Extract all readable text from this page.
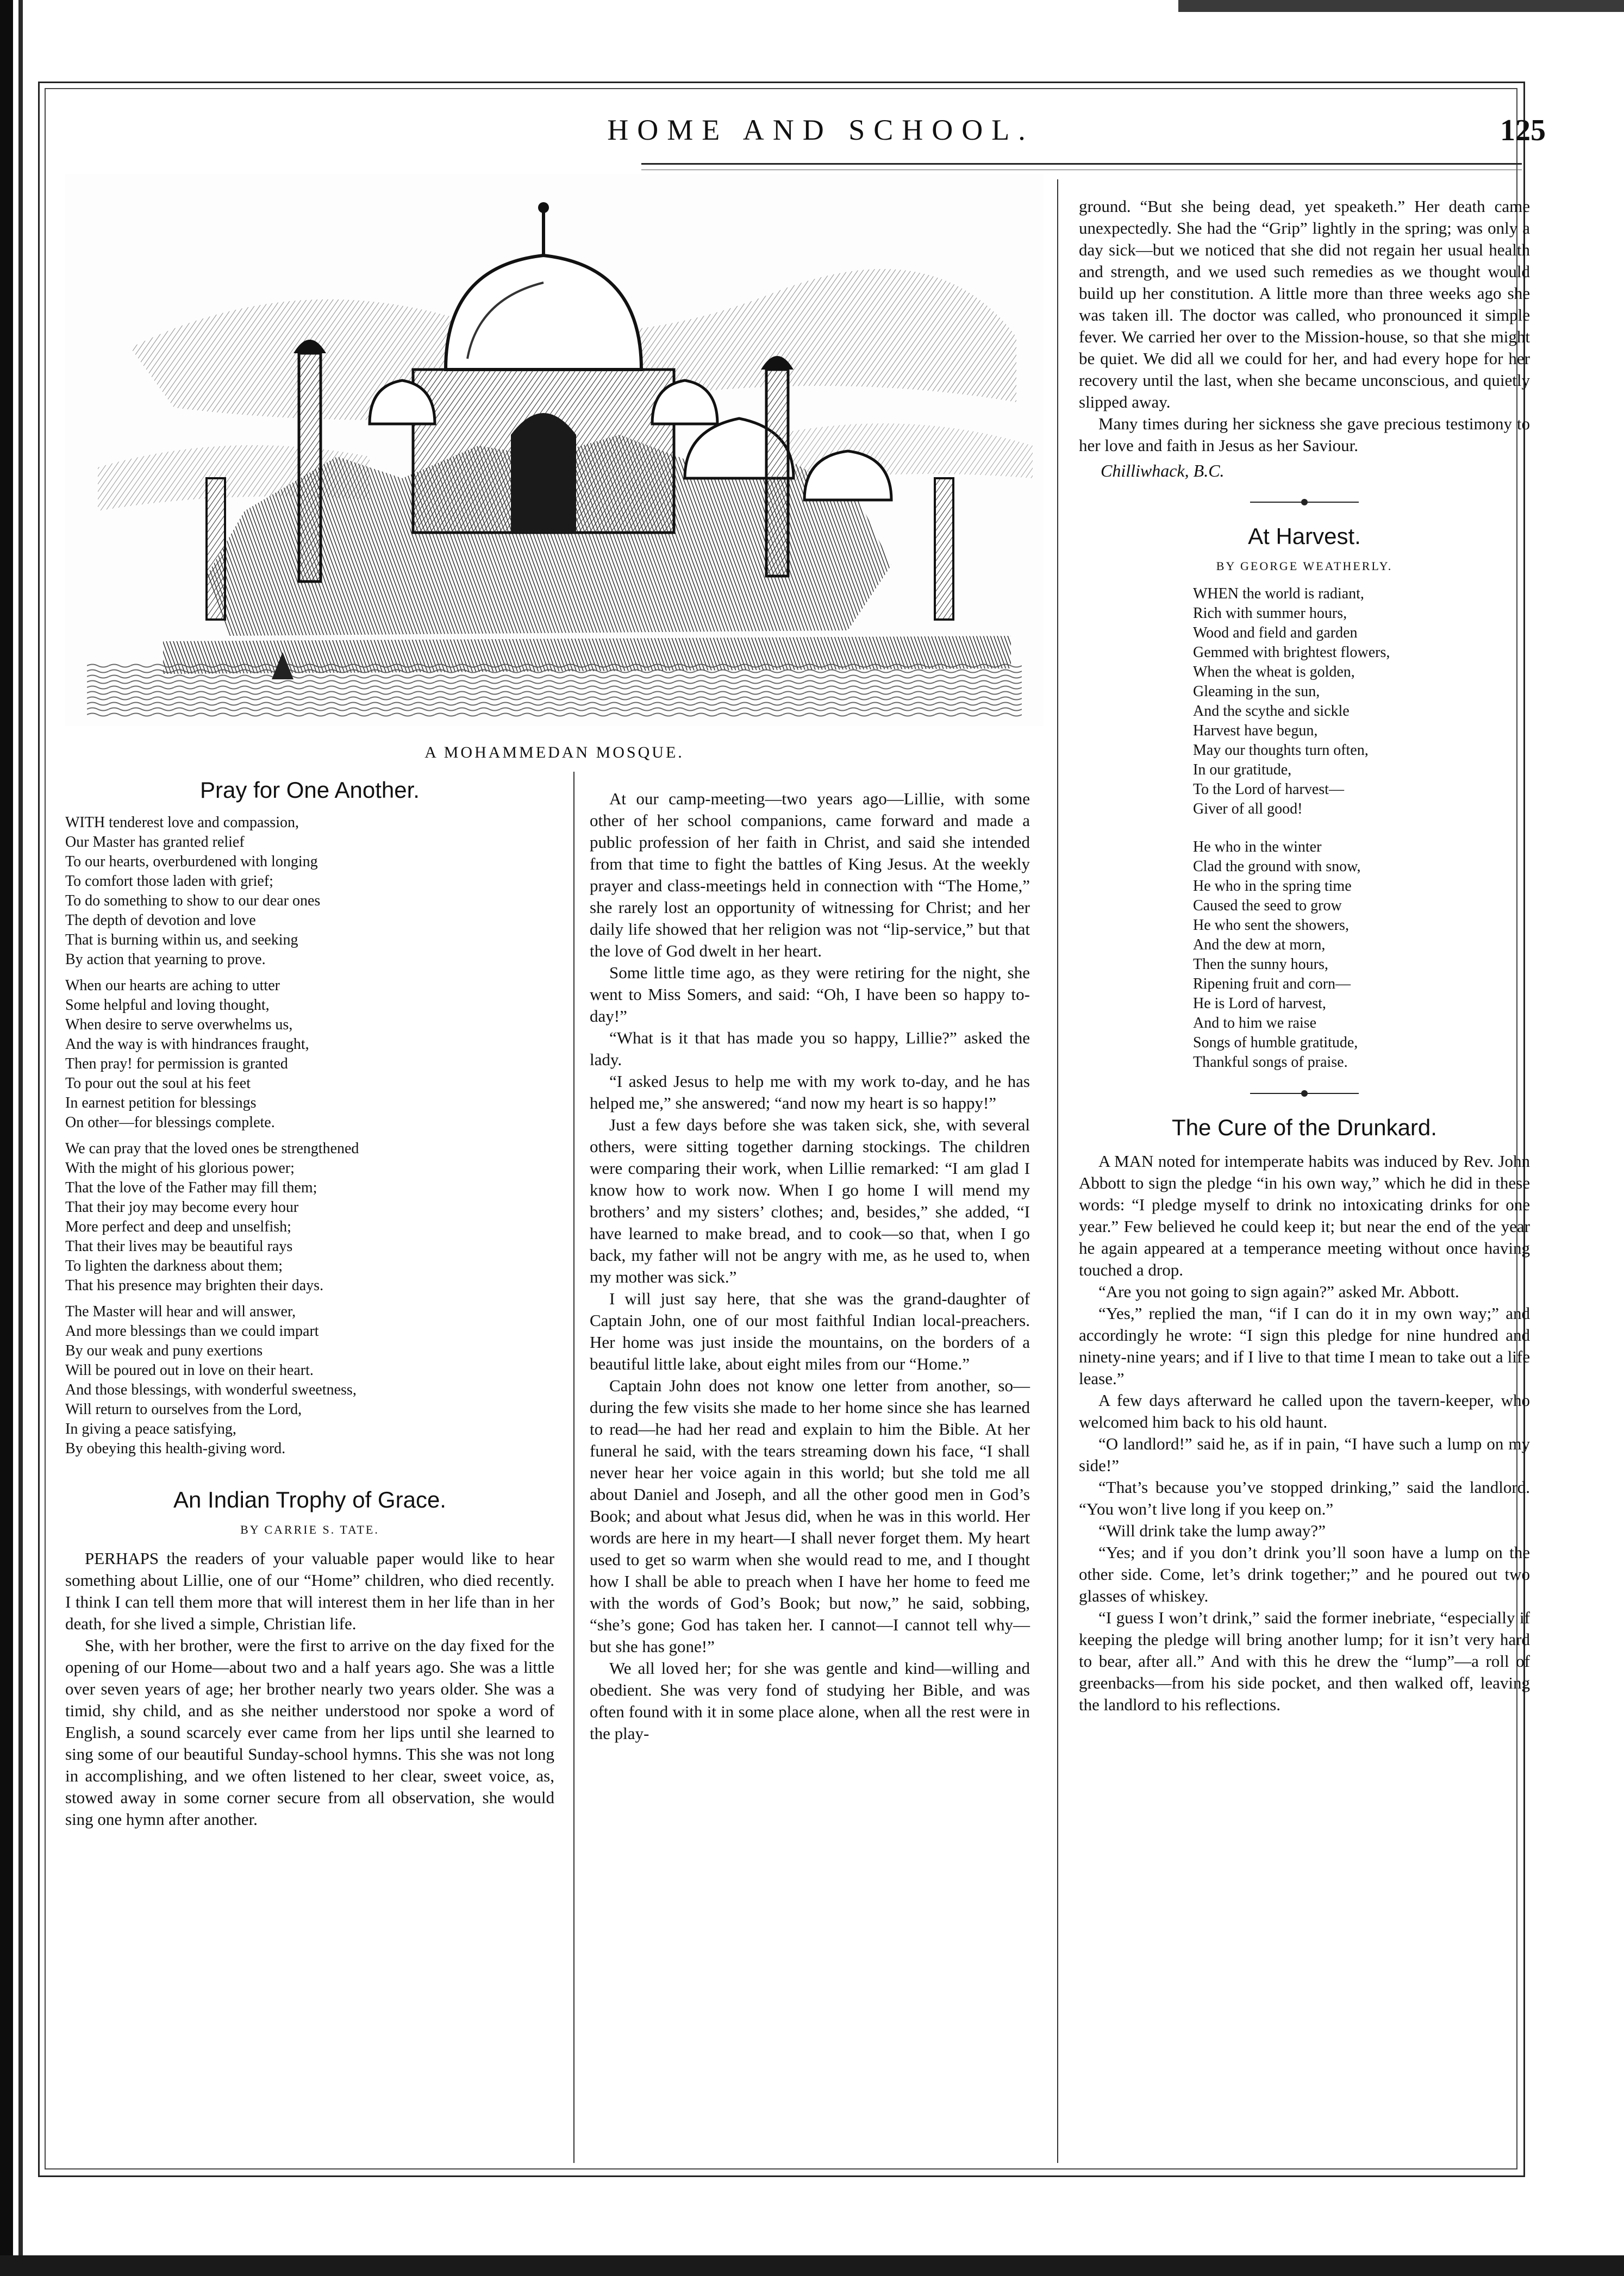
HOME AND SCHOOL.	125
A MOHAMMEDAN MOSQUE.
Pray for One Another.
WITH tenderest love and compassion,
Our Master has granted relief
To our hearts, overburdened with longing
To comfort those laden with grief;
To do something to show to our dear ones
The depth of devotion and love
That is burning within us, and seeking
By action that yearning to prove.
When our hearts are aching to utter
Some helpful and loving thought,
When desire to serve overwhelms us,
And the way is with hindrances fraught,
Then pray! for permission is granted
To pour out the soul at his feet
In earnest petition for blessings
On other—for blessings complete.
We can pray that the loved ones be strengthened
With the might of his glorious power;
That the love of the Father may fill them;
That their joy may become every hour
More perfect and deep and unselfish;
That their lives may be beautiful rays
To lighten the darkness about them;
That his presence may brighten their days.
The Master will hear and will answer,
And more blessings than we could impart
By our weak and puny exertions
Will be poured out in love on their heart.
And those blessings, with wonderful sweetness,
Will return to ourselves from the Lord,
In giving a peace satisfying,
By obeying this health-giving word.
An Indian Trophy of Grace.
BY CARRIE S. TATE.

PERHAPS the readers of your valuable paper would like to hear something about Lillie, one of our “Home” children, who died recently. I think I can tell them more that will interest them in her life than in her death, for she lived a simple, Christian life.

She, with her brother, were the first to arrive on the day fixed for the opening of our Home—about two and a half years ago. She was a little over seven years of age; her brother nearly two years older. She was a timid, shy child, and as she neither understood nor spoke a word of English, a sound scarcely ever came from her lips until she learned to sing some of our beautiful Sunday-school hymns. This she was not long in accomplishing, and we often listened to her clear, sweet voice, as, stowed away in some corner secure from all observation, she would sing one hymn after another.

At our camp-meeting—two years ago—Lillie, with some other of her school companions, came forward and made a public profession of her faith in Christ, and said she intended from that time to fight the battles of King Jesus. At the weekly prayer and class-meetings held in connection with “The Home,” she rarely lost an opportunity of witnessing for Christ; and her daily life showed that her religion was not “lip-service,” but that the love of God dwelt in her heart.

Some little time ago, as they were retiring for the night, she went to Miss Somers, and said: “Oh, I have been so happy to-day!”

“What is it that has made you so happy, Lillie?” asked the lady.

“I asked Jesus to help me with my work to-day, and he has helped me,” she answered; “and now my heart is so happy!”

Just a few days before she was taken sick, she, with several others, were sitting together darning stockings. The children were comparing their work, when Lillie remarked: “I am glad I know how to work now. When I go home I will mend my brothers’ and my sisters’ clothes; and, besides,” she added, “I have learned to make bread, and to cook—so that, when I go back, my father will not be angry with me, as he used to, when my mother was sick.”

I will just say here, that she was the grand-daughter of Captain John, one of our most faithful Indian local-preachers. Her home was just inside the mountains, on the borders of a beautiful little lake, about eight miles from our “Home.”

Captain John does not know one letter from another, so—during the few visits she made to her home since she has learned to read—he had her read and explain to him the Bible. At her funeral he said, with the tears streaming down his face, “I shall never hear her voice again in this world; but she told me all about Daniel and Joseph, and all the other good men in God’s Book; and about what Jesus did, when he was in this world. Her words are here in my heart—I shall never forget them. My heart used to get so warm when she would read to me, and I thought how I shall be able to preach when I have her home to feed me with the words of God’s Book; but now,” he said, sobbing, “she’s gone; God has taken her. I cannot—I cannot tell why—but she has gone!”

We all loved her; for she was gentle and kind—willing and obedient. She was very fond of studying her Bible, and was often found with it in some place alone, when all the rest were in the play-

ground. “But she being dead, yet speaketh.” Her death came unexpectedly. She had the “Grip” lightly in the spring; was only a day sick—but we noticed that she did not regain her usual health and strength, and we used such remedies as we thought would build up her constitution. A little more than three weeks ago she was taken ill. The doctor was called, who pronounced it simple fever. We carried her over to the Mission-house, so that she might be quiet. We did all we could for her, and had every hope for her recovery until the last, when she became unconscious, and quietly slipped away.

Many times during her sickness she gave precious testimony to her love and faith in Jesus as her Saviour.

Chilliwhack, B.C.
At Harvest.
BY GEORGE WEATHERLY.
WHEN the world is radiant,
Rich with summer hours,
Wood and field and garden
Gemmed with brightest flowers,
When the wheat is golden,
Gleaming in the sun,
And the scythe and sickle
Harvest have begun,
May our thoughts turn often,
In our gratitude,
To the Lord of harvest—
Giver of all good!
He who in the winter
Clad the ground with snow,
He who in the spring time
Caused the seed to grow
He who sent the showers,
And the dew at morn,
Then the sunny hours,
Ripening fruit and corn—
He is Lord of harvest,
And to him we raise
Songs of humble gratitude,
Thankful songs of praise.
The Cure of the Drunkard.

A MAN noted for intemperate habits was induced by Rev. John Abbott to sign the pledge “in his own way,” which he did in these words: “I pledge myself to drink no intoxicating drinks for one year.” Few believed he could keep it; but near the end of the year he again appeared at a temperance meeting without once having touched a drop.

“Are you not going to sign again?” asked Mr. Abbott.

“Yes,” replied the man, “if I can do it in my own way;” and accordingly he wrote: “I sign this pledge for nine hundred and ninety-nine years; and if I live to that time I mean to take out a life lease.”

A few days afterward he called upon the tavern-keeper, who welcomed him back to his old haunt.

“O landlord!” said he, as if in pain, “I have such a lump on my side!”

“That’s because you’ve stopped drinking,” said the landlord. “You won’t live long if you keep on.”

“Will drink take the lump away?”

“Yes; and if you don’t drink you’ll soon have a lump on the other side. Come, let’s drink together;” and he poured out two glasses of whiskey.

“I guess I won’t drink,” said the former inebriate, “especially if keeping the pledge will bring another lump; for it isn’t very hard to bear, after all.” And with this he drew the “lump”—a roll of greenbacks—from his side pocket, and then walked off, leaving the landlord to his reflections.
